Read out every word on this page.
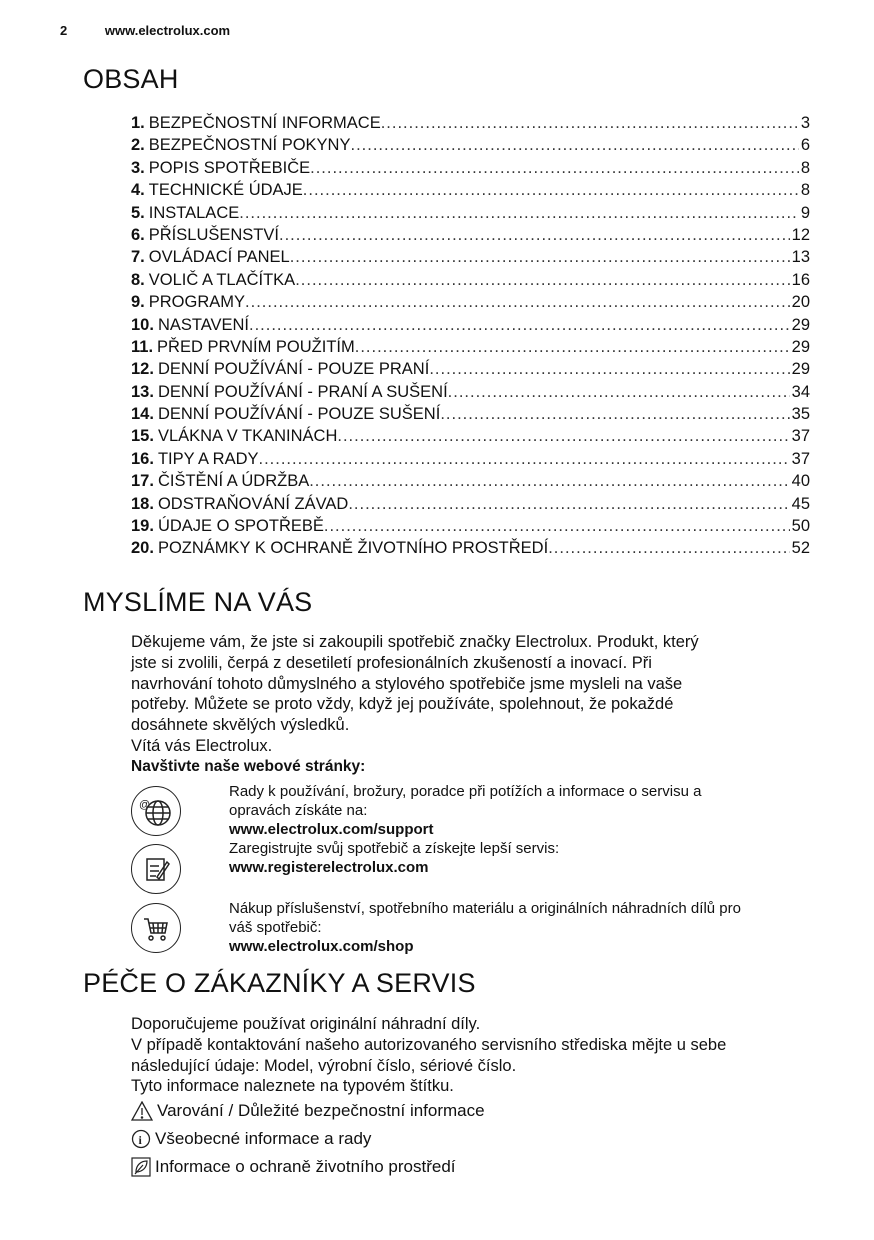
2	www.electrolux.com
OBSAH
1. BEZPEČNOSTNÍ INFORMACE .....	3
2. BEZPEČNOSTNÍ POKYNY .....	6
3. POPIS SPOTŘEBIČE .....	8
4. TECHNICKÉ ÚDAJE .....	8
5. INSTALACE .....	9
6. PŘÍSLUŠENSTVÍ .....	12
7. OVLÁDACÍ PANEL .....	13
8. VOLIČ A TLAČÍTKA .....	16
9. PROGRAMY .....	20
10. NASTAVENÍ .....	29
11. PŘED PRVNÍM POUŽITÍM .....	29
12. DENNÍ POUŽÍVÁNÍ - POUZE PRANÍ .....	29
13. DENNÍ POUŽÍVÁNÍ - PRANÍ A SUŠENÍ .....	34
14. DENNÍ POUŽÍVÁNÍ - POUZE SUŠENÍ .....	35
15. VLÁKNA V TKANINÁCH .....	37
16. TIPY A RADY .....	37
17. ČIŠTĚNÍ A ÚDRŽBA .....	40
18. ODSTRAŇOVÁNÍ ZÁVAD .....	45
19. ÚDAJE O SPOTŘEBĚ .....	50
20. POZNÁMKY K OCHRANĚ ŽIVOTNÍHO PROSTŘEDÍ .....	52
MYSLÍME NA VÁS
Děkujeme vám, že jste si zakoupili spotřebič značky Electrolux. Produkt, který
jste si zvolili, čerpá z desetiletí profesionálních zkušeností a inovací. Při
navrhování tohoto důmyslného a stylového spotřebiče jsme mysleli na vaše
potřeby. Můžete se proto vždy, když jej používáte, spolehnout, že pokaždé
dosáhnete skvělých výsledků.
Vítá vás Electrolux.
Navštivte naše webové stránky:
@
Rady k používání, brožury, poradce při potížích a informace o servisu a
opravách získáte na:
www.electrolux.com/support
Zaregistrujte svůj spotřebič a získejte lepší servis:
www.registerelectrolux.com
Nákup příslušenství, spotřebního materiálu a originálních náhradních dílů pro
váš spotřebič:
www.electrolux.com/shop
PÉČE O ZÁKAZNÍKY A SERVIS
Doporučujeme používat originální náhradní díly.
V případě kontaktování našeho autorizovaného servisního střediska mějte u sebe
následující údaje: Model, výrobní číslo, sériové číslo.
Tyto informace naleznete na typovém štítku.
Varování / Důležité bezpečnostní informace
i Všeobecné informace a rady
Informace o ochraně životního prostředí
